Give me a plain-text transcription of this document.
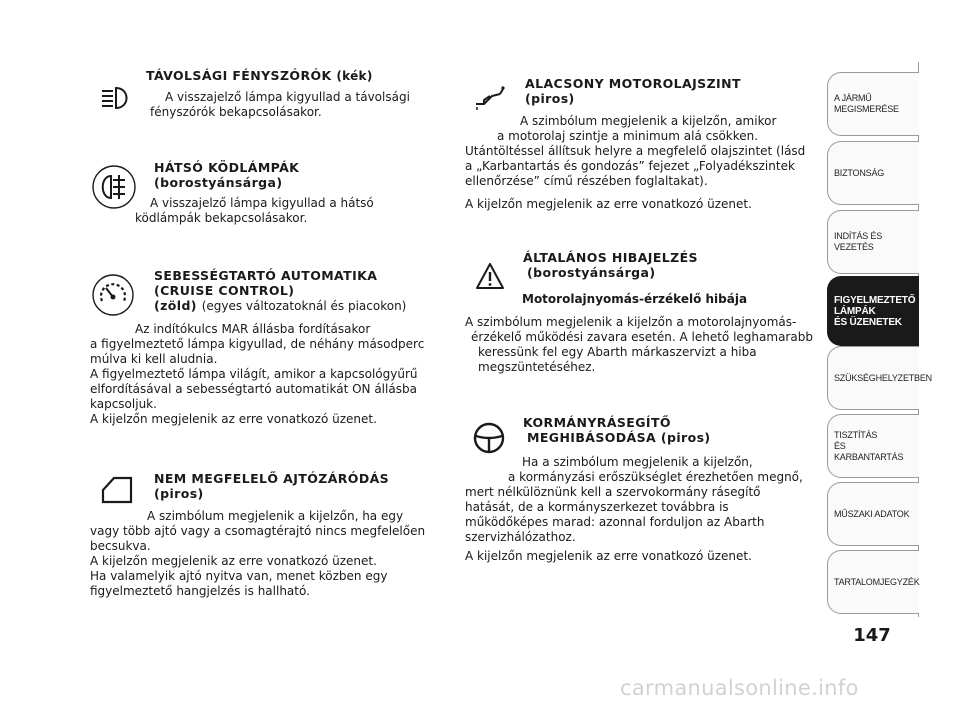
TÁVOLSÁGI FÉNYSZÓRÓK (kék)

A visszajelző lámpa kigyullad a távolsági

fényszórók bekapcsolásakor.

HÁTSÓ KÖDLÁMPÁK
(borostyánsárga)

A visszajelző lámpa kigyullad a hátsó

ködlámpák bekapcsolásakor.

SEBESSÉGTARTÓ AUTOMATIKA
(CRUISE CONTROL)
(zöld) (egyes változatoknál és piacokon)

Az indítókulcs MAR állásba fordításakor

a figyelmeztető lámpa kigyullad, de néhány másodperc

múlva ki kell aludnia.

A figyelmeztető lámpa világít, amikor a kapcsológyűrű

elfordításával a sebességtartó automatikát ON állásba

kapcsoljuk.

A kijelzőn megjelenik az erre vonatkozó üzenet.

NEM MEGFELELŐ AJTÓZÁRÓDÁS
(piros)

A szimbólum megjelenik a kijelzőn, ha egy

vagy több ajtó vagy a csomagtérajtó nincs megfelelően

becsukva.

A kijelzőn megjelenik az erre vonatkozó üzenet.

Ha valamelyik ajtó nyitva van, menet közben egy

figyelmeztető hangjelzés is hallható.

ALACSONY MOTOROLAJSZINT
(piros)

A szimbólum megjelenik a kijelzőn, amikor

a motorolaj szintje a minimum alá csökken.

Utántöltéssel állítsuk helyre a megfelelő olajszintet (lásd

a „Karbantartás és gondozás” fejezet „Folyadékszintek

ellenőrzése” című részében foglaltakat).

A kijelzőn megjelenik az erre vonatkozó üzenet.

ÁLTALÁNOS HIBAJELZÉS
(borostyánsárga)

Motorolajnyomás-érzékelő hibája

A szimbólum megjelenik a kijelzőn a motorolajnyomás-

érzékelő működési zavara esetén. A lehető leghamarabb

keressünk fel egy Abarth márkaszervizt a hiba

megszüntetéséhez.

KORMÁNYRÁSEGÍTŐ
MEGHIBÁSODÁSA (piros)

Ha a szimbólum megjelenik a kijelzőn,

a kormányzási erőszükséglet érezhetően megnő,

mert nélkülöznünk kell a szervokormány rásegítő

hatását, de a kormányszerkezet továbbra is

működőképes marad: azonnal forduljon az Abarth

szervizhálózathoz.

A kijelzőn megjelenik az erre vonatkozó üzenet.

A JÁRMŰ
MEGISMERÉSE
BIZTONSÁG
INDÍTÁS ÉS VEZETÉS
FIGYELMEZTETŐ
LÁMPÁK
ÉS ÜZENETEK
SZÜKSÉGHELYZETBEN
TISZTÍTÁS
ÉS KARBANTARTÁS
MŰSZAKI ADATOK
TARTALOMJEGYZÉK
147
carmanualsonline.info
